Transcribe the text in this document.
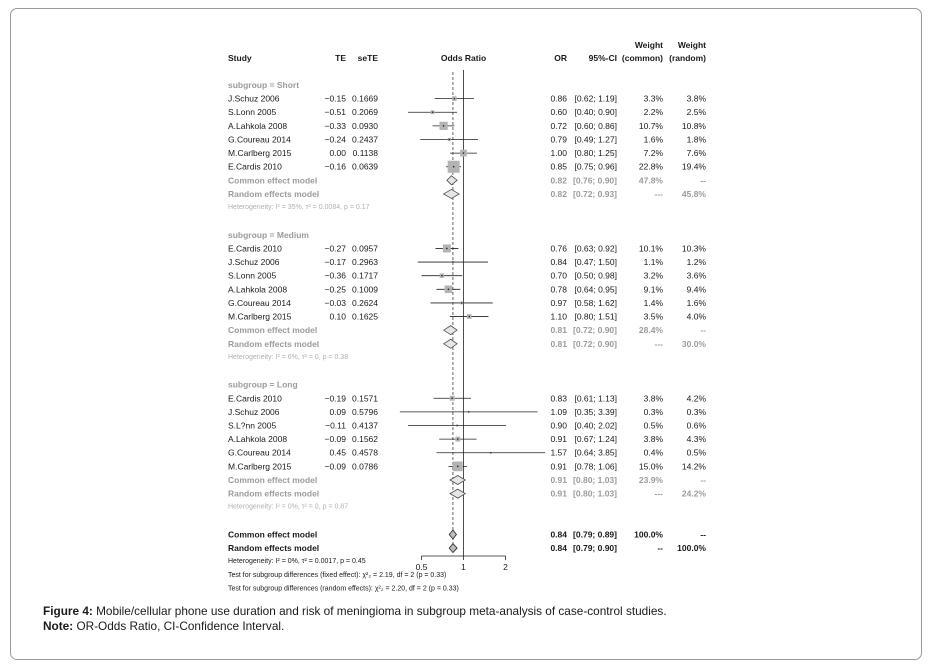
Study	TE seTE	Odds Ratio	OR	95%-CI
Weight
(common)
Weight
(random)
subgroup = Short
J.Schuz 2006	−0.15 0.1669	0.86 [0.62; 1.19]	3.3%	3.8%
S.Lonn 2005	−0.51 0.2069	0.60 [0.40; 0.90]	2.2%	2.5%
A.Lahkola 2008	−0.33 0.0930	0.72 [0.60; 0.86]	10.7% 10.8%
G.Coureau 2014	−0.24 0.2437	0.79 [0.49; 1.27]	1.6%	1.8%
M.Carlberg 2015	0.00 0.1138	1.00 [0.80; 1.25]	7.2%	7.6%
E.Cardis 2010	−0.16 0.0639	0.85 [0.75; 0.96]	22.8% 19.4%
Common effect model	0.82 [0.76; 0.90]	47.8%	--
Random effects model	0.82 [0.72; 0.93]	--- 45.8%
Heterogeneity: I² = 35%, τ² = 0.0084, p = 0.17
subgroup = Medium
E.Cardis 2010	−0.27 0.0957	0.76 [0.63; 0.92]	10.1% 10.3%
J.Schuz 2006	−0.17 0.2963	0.84 [0.47; 1.50]	1.1%	1.2%
S.Lonn 2005	−0.36 0.1717	0.70 [0.50; 0.98]	3.2%	3.6%
A.Lahkola 2008	−0.25 0.1009	0.78 [0.64; 0.95]	9.1%	9.4%
G.Coureau 2014	−0.03 0.2624	0.97 [0.58; 1.62]	1.4%	1.6%
M.Carlberg 2015	0.10 0.1625	1.10 [0.80; 1.51]	3.5%	4.0%
Common effect model	0.81 [0.72; 0.90]	28.4%	--
Random effects model	0.81 [0.72; 0.90]	--- 30.0%
Heterogeneity: I² = 6%, τ² = 0, p = 0.38
subgroup = Long
E.Cardis 2010	−0.19 0.1571	0.83 [0.61; 1.13]	3.8%	4.2%
J.Schuz 2006	0.09 0.5796	1.09 [0.35; 3.39]	0.3%	0.3%
S.L?nn 2005	−0.11 0.4137	0.90 [0.40; 2.02]	0.5%	0.6%
A.Lahkola 2008	−0.09 0.1562	0.91 [0.67; 1.24]	3.8%	4.3%
G.Coureau 2014	0.45 0.4578	1.57 [0.64; 3.85]	0.4%	0.5%
M.Carlberg 2015	−0.09 0.0786	0.91 [0.78; 1.06]	15.0% 14.2%
Common effect model	0.91 [0.80; 1.03]	23.9%	--
Random effects model	0.91 [0.80; 1.03]	--- 24.2%
Heterogeneity: I² = 0%, τ² = 0, p = 0.87
Common effect model	0.84 [0.79; 0.89] 100.0%	--
Random effects model	0.84 [0.79; 0.90]	-- 100.0%
Heterogeneity: I² = 0%, τ² = 0.0017, p = 0.45
Test for subgroup differences (fixed effect): χ²₂ = 2.19, df = 2 (p = 0.33)
Test for subgroup differences (random effects): χ²₂ = 2.20, df = 2 (p = 0.33)
0.5	1	2
Figure 4: Mobile/cellular phone use duration and risk of meningioma in subgroup meta-analysis of case-control studies.
Note: OR-Odds Ratio, CI-Confidence Interval.
